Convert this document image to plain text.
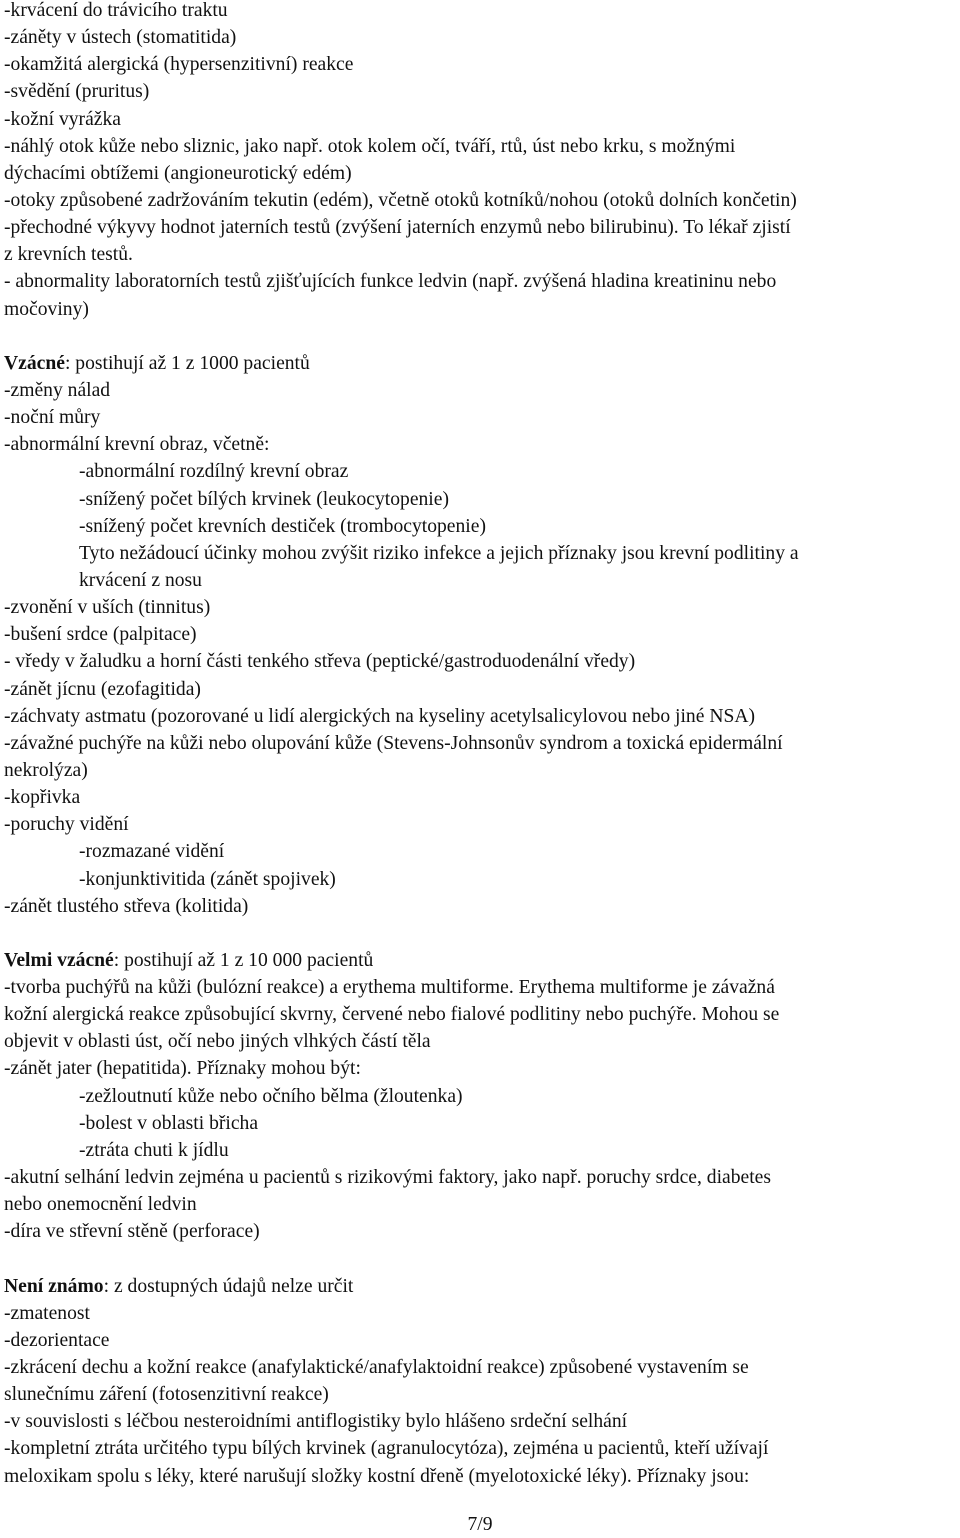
-krvácení do trávicího traktu
-záněty v ústech (stomatitida)
-okamžitá alergická (hypersenzitivní) reakce
-svědění (pruritus)
-kožní vyrážka
-náhlý otok kůže nebo sliznic, jako např. otok kolem očí, tváří, rtů, úst nebo krku, s možnými
dýchacími obtížemi (angioneurotický edém)
-otoky způsobené zadržováním tekutin (edém), včetně otoků kotníků/nohou (otoků dolních končetin)
-přechodné výkyvy hodnot jaterních testů (zvýšení jaterních enzymů nebo bilirubinu). To lékař zjistí
z krevních testů.
- abnormality laboratorních testů zjišťujících funkce ledvin (např. zvýšená hladina kreatininu nebo
močoviny)
Vzácné: postihují až 1 z 1000 pacientů
-změny nálad
-noční můry
-abnormální krevní obraz, včetně:
-abnormální rozdílný krevní obraz
-snížený počet bílých krvinek (leukocytopenie)
-snížený počet krevních destiček (trombocytopenie)
Tyto nežádoucí účinky mohou zvýšit riziko infekce a jejich příznaky jsou krevní podlitiny a
krvácení z nosu
-zvonění v uších (tinnitus)
-bušení srdce (palpitace)
- vředy v žaludku a horní části tenkého střeva (peptické/gastroduodenální vředy)
-zánět jícnu (ezofagitida)
-záchvaty astmatu (pozorované u lidí alergických na kyseliny acetylsalicylovou nebo jiné NSA)
-závažné puchýře na kůži nebo olupování kůže (Stevens-Johnsonův syndrom a toxická epidermální
nekrolýza)
-kopřivka
-poruchy vidění
-rozmazané vidění
-konjunktivitida (zánět spojivek)
-zánět tlustého střeva (kolitida)
Velmi vzácné: postihují až 1 z 10 000 pacientů
-tvorba puchýřů na kůži (bulózní reakce) a erythema multiforme. Erythema multiforme je závažná
kožní alergická reakce způsobující skvrny, červené nebo fialové podlitiny nebo puchýře. Mohou se
objevit v oblasti úst, očí nebo jiných vlhkých částí těla
-zánět jater (hepatitida). Příznaky mohou být:
-zežloutnutí kůže nebo očního bělma (žloutenka)
-bolest v oblasti břicha
-ztráta chuti k jídlu
-akutní selhání ledvin zejména u pacientů s rizikovými faktory, jako např. poruchy srdce, diabetes
nebo onemocnění ledvin
-díra ve střevní stěně (perforace)
Není známo: z dostupných údajů nelze určit
-zmatenost
-dezorientace
-zkrácení dechu a kožní reakce (anafylaktické/anafylaktoidní reakce) způsobené vystavením se
slunečnímu záření (fotosenzitivní reakce)
-v souvislosti s léčbou nesteroidními antiflogistiky bylo hlášeno srdeční selhání
-kompletní ztráta určitého typu bílých krvinek (agranulocytóza), zejména u pacientů, kteří užívají
meloxikam spolu s léky, které narušují složky kostní dřeně (myelotoxické léky). Příznaky jsou:
7/9
